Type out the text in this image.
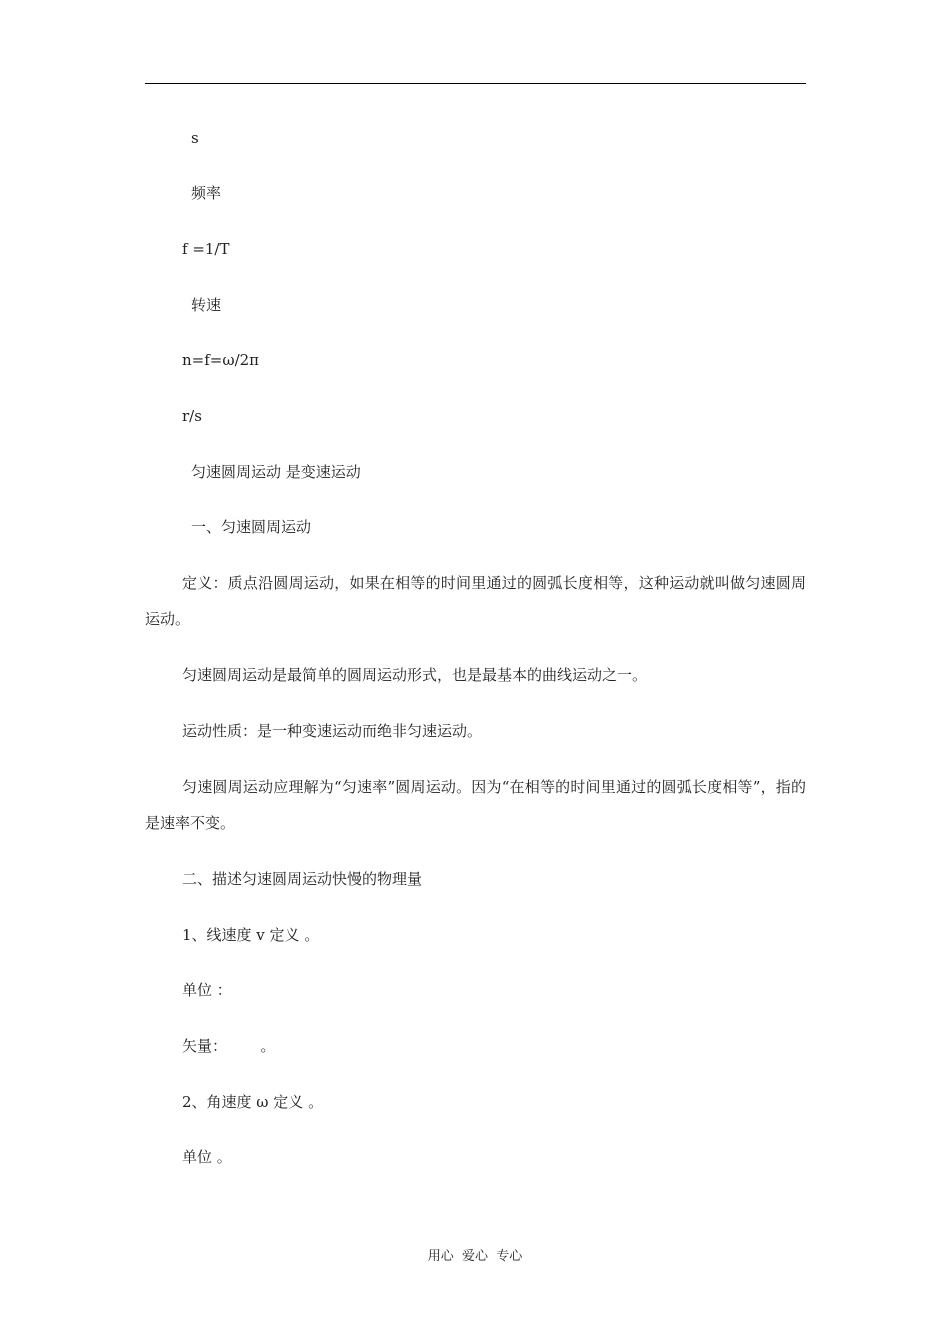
s
频率
f =1/T
转速
n=f=ω/2π
r/s
匀速圆周运动 是变速运动
一、匀速圆周运动

定义：质点沿圆周运动，如果在相等的时间里通过的圆弧长度相等，这种运动就叫做匀速圆周运动。

匀速圆周运动是最简单的圆周运动形式，也是最基本的曲线运动之一。
运动性质：是一种变速运动而绝非匀速运动。

匀速圆周运动应理解为“匀速率”圆周运动。因为“在相等的时间里通过的圆弧长度相等”，指的是速率不变。

二、描述匀速圆周运动快慢的物理量
1、线速度 v 定义 。
单位 ：
矢量：       。
2、角速度 ω 定义 。
单位 。
用心  爱心  专心
